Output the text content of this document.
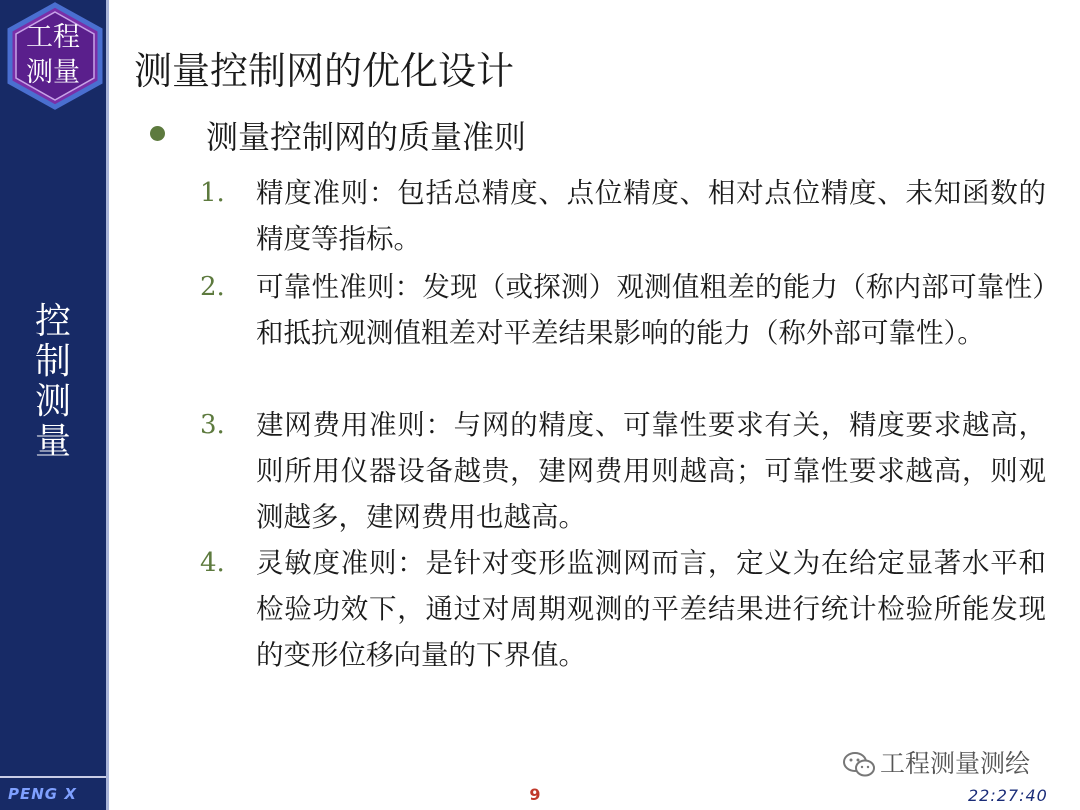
工程
测量
控
制
测
量
PENG X
测量控制网的优化设计
测量控制网的质量准则
1. 精度准则：包括总精度、点位精度、相对点位精度、未知函数的精度等指标。
2. 可靠性准则：发现（或探测）观测值粗差的能力（称内部可靠性）和抵抗观测值粗差对平差结果影响的能力（称外部可靠性）。
3. 建网费用准则：与网的精度、可靠性要求有关，精度要求越高，则所用仪器设备越贵，建网费用则越高；可靠性要求越高，则观测越多，建网费用也越高。
4. 灵敏度准则：是针对变形监测网而言，定义为在给定显著水平和检验功效下，通过对周期观测的平差结果进行统计检验所能发现的变形位移向量的下界值。
工程测量测绘
9	22:27:40
